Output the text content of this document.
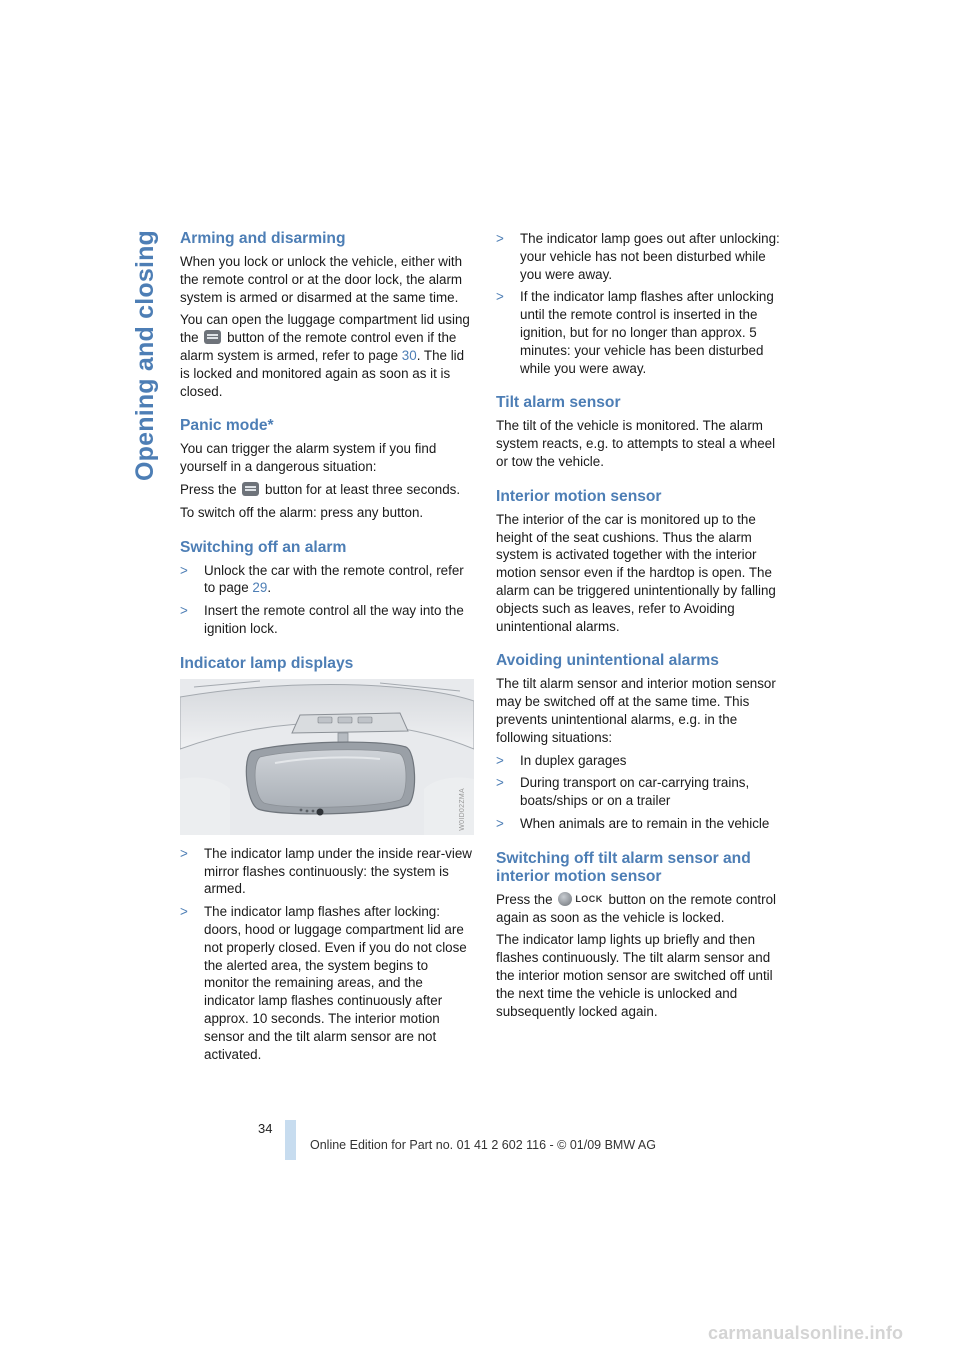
Opening and closing	Arming and disarming

When you lock or unlock the vehicle, either with the remote control or at the door lock, the alarm system is armed or disarmed at the same time.

You can open the luggage compartment lid using the button of the remote control even if the alarm system is armed, refer to page 30. The lid is locked and monitored again as soon as it is closed.

Panic mode*

You can trigger the alarm system if you find yourself in a dangerous situation:

Press the button for at least three seconds.

To switch off the alarm: press any button.

Switching off an alarm
> Unlock the car with the remote control, refer to page 29.
> Insert the remote control all the way into the ignition lock.
Indicator lamp displays
W0ID02ZMA
> The indicator lamp under the inside rear-view mirror flashes continuously: the system is armed.
> The indicator lamp flashes after locking: doors, hood or luggage compartment lid are not properly closed. Even if you do not close the alerted area, the system begins to monitor the remaining areas, and the indicator lamp flashes continuously after approx. 10 seconds. The interior motion sensor and the tilt alarm sensor are not activated.
> The indicator lamp goes out after unlocking: your vehicle has not been disturbed while you were away.
> If the indicator lamp flashes after unlocking until the remote control is inserted in the ignition, but for no longer than approx. 5 minutes: your vehicle has been disturbed while you were away.
Tilt alarm sensor

The tilt of the vehicle is monitored. The alarm system reacts, e.g. to attempts to steal a wheel or tow the vehicle.

Interior motion sensor

The interior of the car is monitored up to the height of the seat cushions. Thus the alarm system is activated together with the interior motion sensor even if the hardtop is open. The alarm can be triggered unintentionally by falling objects such as leaves, refer to Avoiding unintentional alarms.

Avoiding unintentional alarms

The tilt alarm sensor and interior motion sensor may be switched off at the same time. This prevents unintentional alarms, e.g. in the following situations:

> In duplex garages
> During transport on car-carrying trains, boats/ships or on a trailer
> When animals are to remain in the vehicle
Switching off tilt alarm sensor and interior motion sensor

Press the	LOCK button on the remote control again as soon as the vehicle is locked.

The indicator lamp lights up briefly and then flashes continuously. The tilt alarm sensor and the interior motion sensor are switched off until the next time the vehicle is unlocked and subsequently locked again.

34
Online Edition for Part no. 01 41 2 602 116 - © 01/09 BMW AG
carmanualsonline.info
